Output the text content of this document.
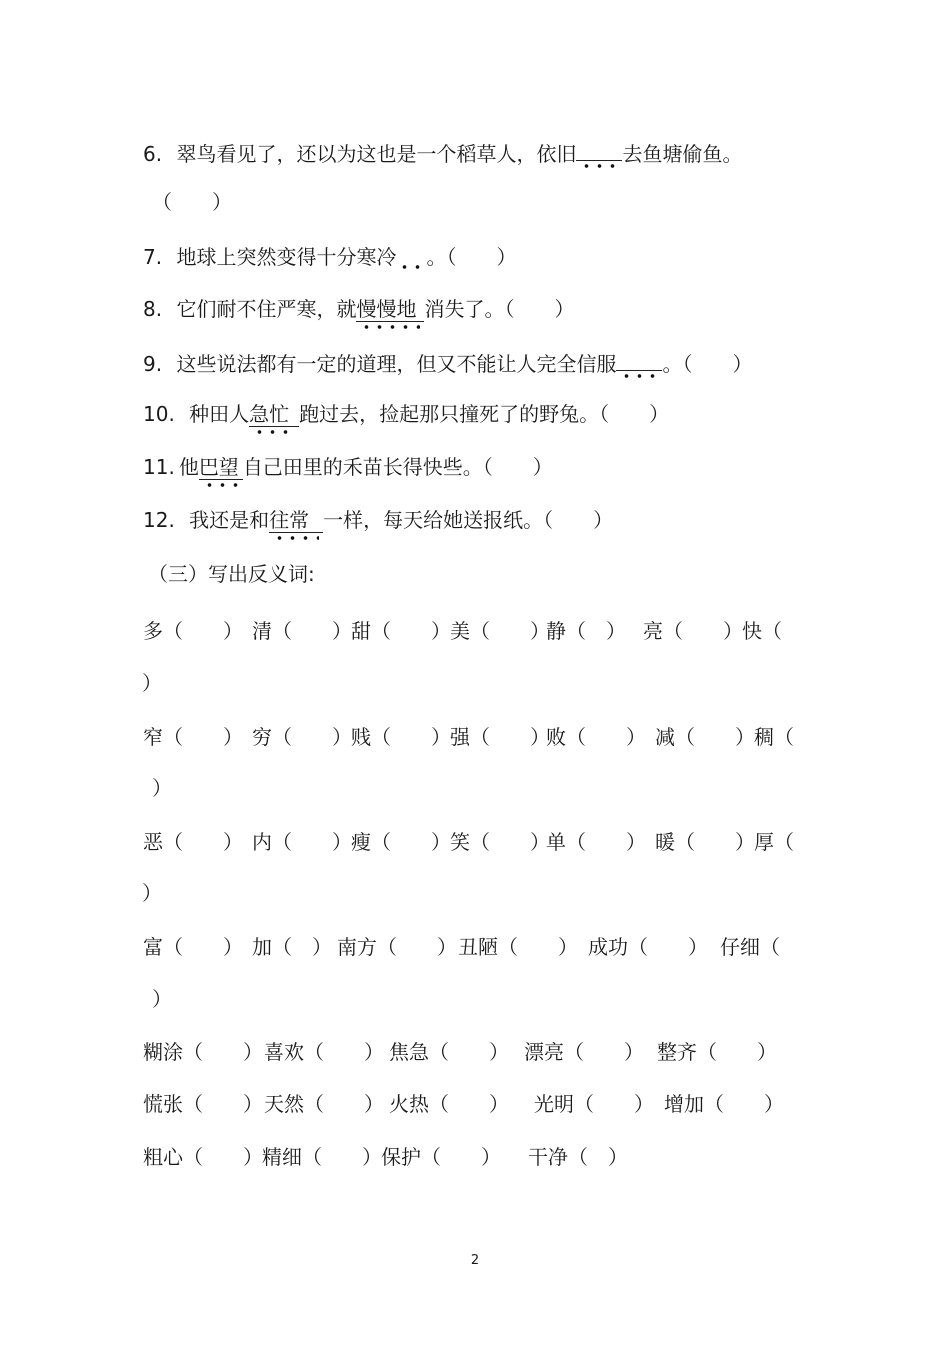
6. 翠鸟看见了，还以为这也是一个稻草人，依旧 去鱼塘偷鱼。
（　　）
7. 地球上突然变得十分寒冷 。（　　）
8. 它们耐不住严寒，就慢慢地 消失了。（　　）
9. 这些说法都有一定的道理，但又不能让人完全信服 。（　　）
10. 种田人急忙 跑过去，捡起那只撞死了的野兔。（　　）
11. 他巴望 自己田里的禾苗长得快些。（　　）
12. 我还是和往常 一样，每天给她送报纸。（　　）
（三）写出反义词:
多（　　） 清（　　） 甜（　　） 美（　　）
静（　） 亮（　　） 快（
）
窄（　　） 穷（　　） 贱（　　） 强（　　）
败（　　） 减（　　） 稠（
）
恶（　　） 内（　　） 瘦（　　） 笑（　　）
单（　　） 暖（　　） 厚（
）
富（　　） 加（　） 南方（　　） 丑陋（　　） 成功（　　） 仔细（
）
糊涂（　　） 喜欢（　　） 焦急（　　） 漂亮（　　） 整齐（　　）
慌张（　　） 天然（　　） 火热（　　） 光明（　　） 增加（　　）
粗心（　　） 精细（　　） 保护（　　） 干净（　）
2
